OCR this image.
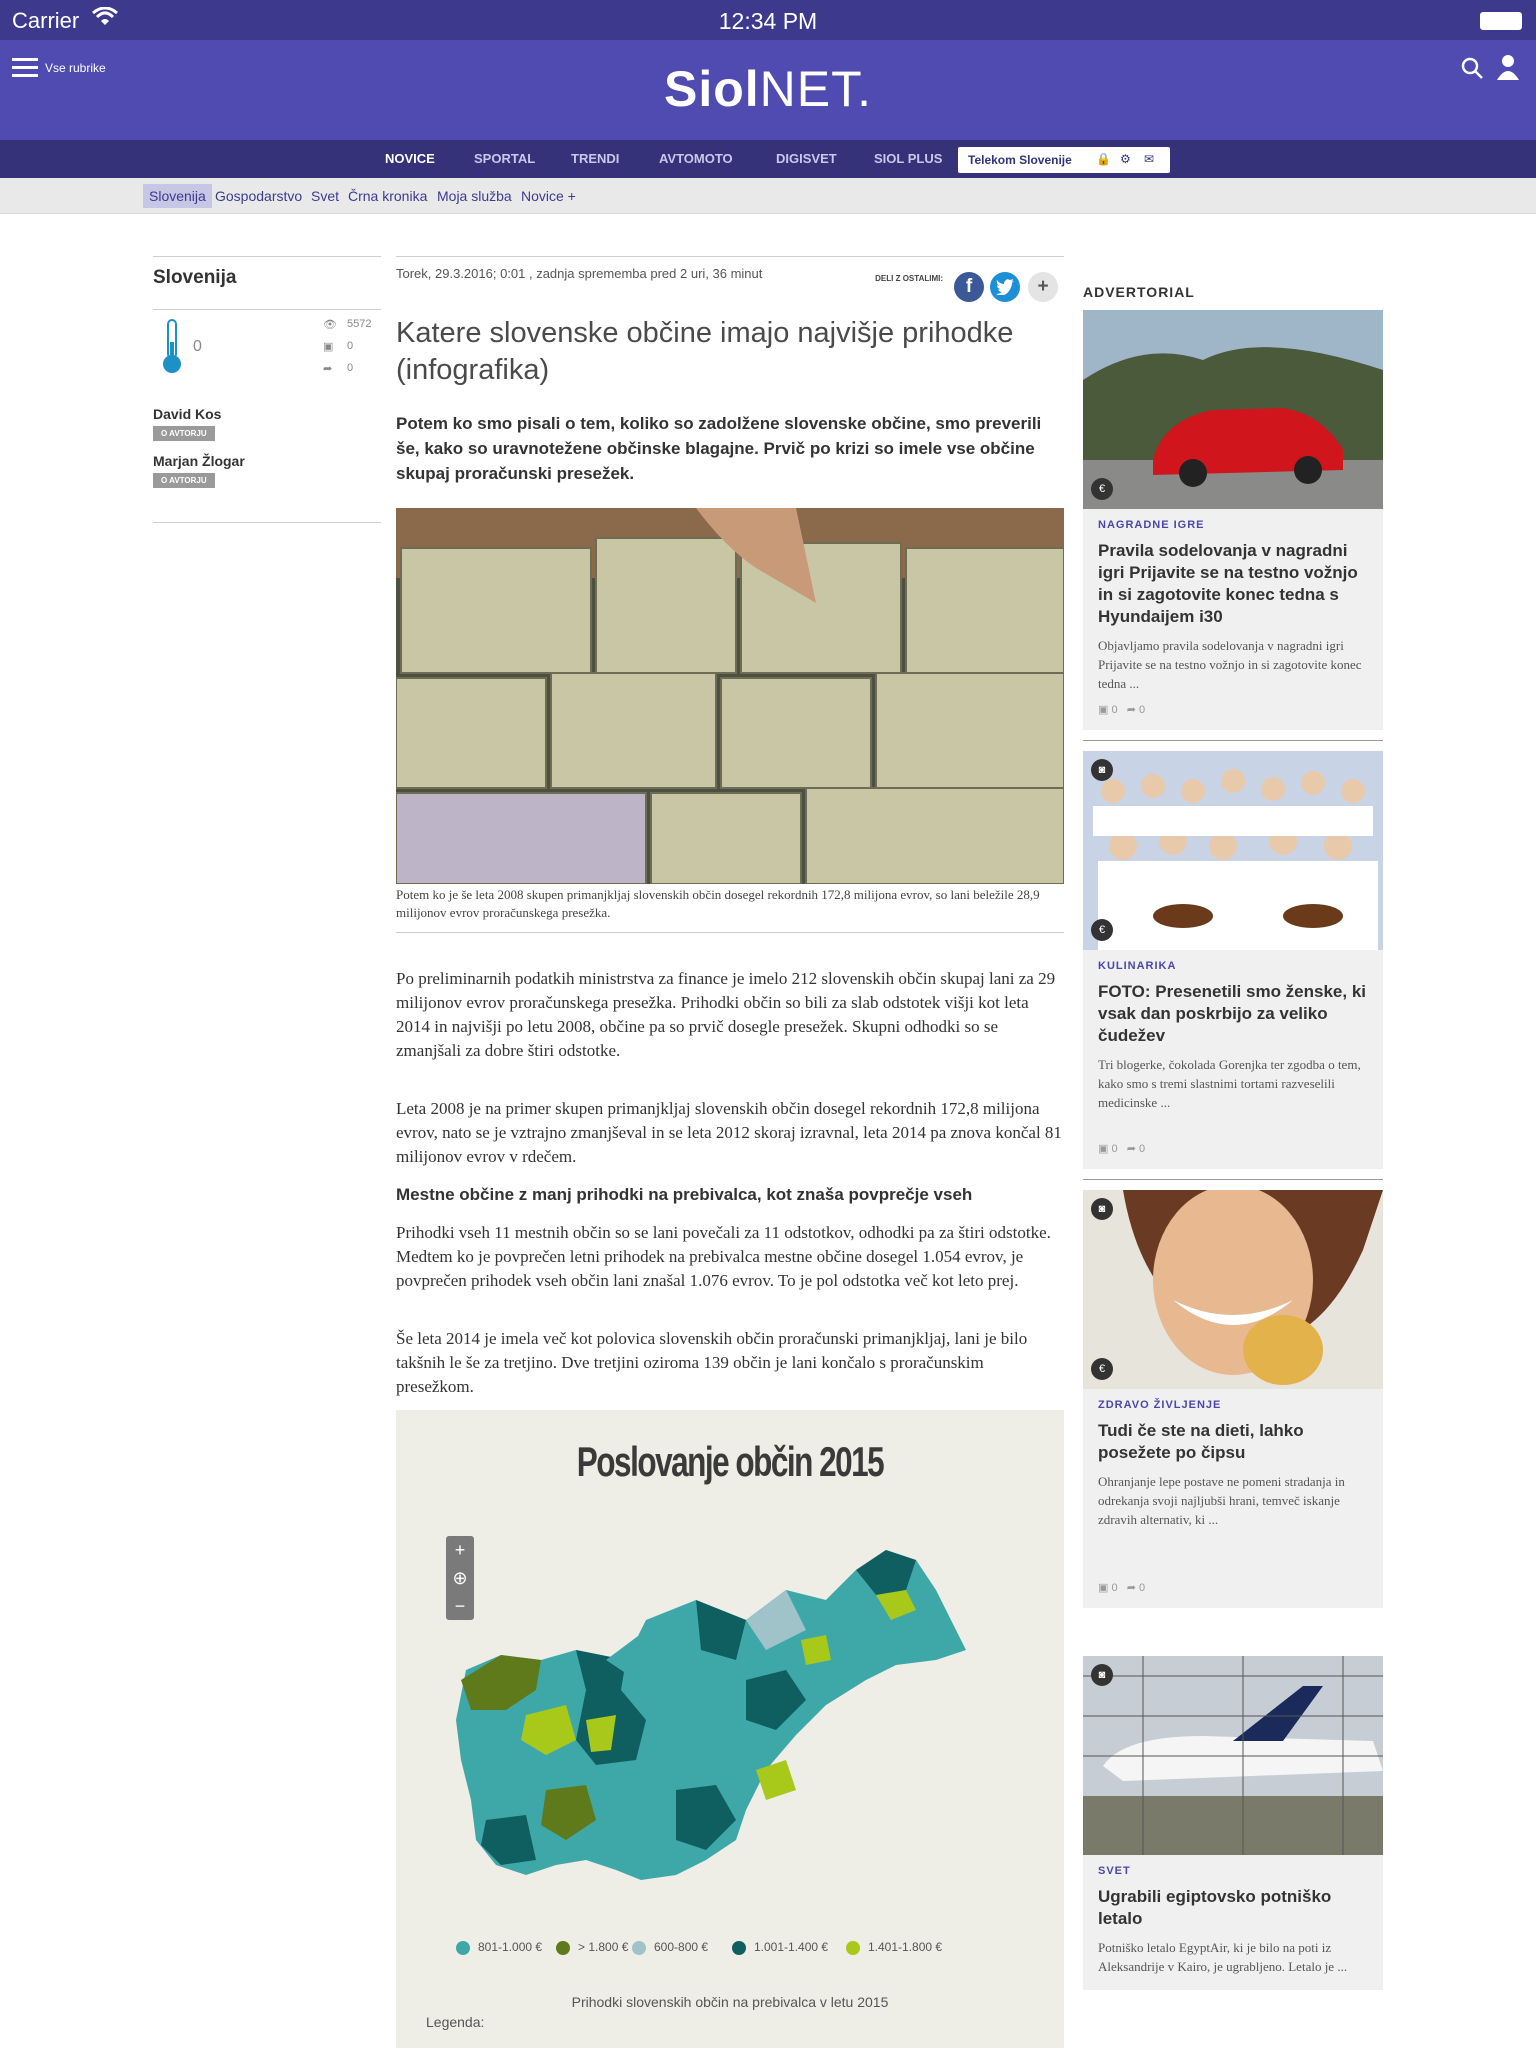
Carrier	12:34 PM
Vse rubrike	SiolNET.
NOVICE	SPORTAL	TRENDI	AVTOMOTO	DIGISVET	SIOL PLUS Telekom Slovenije 🔒 ⚙ ✉
Slovenija Gospodarstvo Svet Črna kronika Moja služba Novice +
Slovenija
0
👁 5572
▣ 0
➦ 0
David Kos
O AVTORJU
Marjan Žlogar
O AVTORJU
Torek, 29.3.2016; 0:01 , zadnja sprememba pred 2 uri, 36 minut	DELI Z OSTALIMI:	f	+
Katere slovenske občine imajo najvišje prihodke (infografika)
Potem ko smo pisali o tem, koliko so zadolžene slovenske občine, smo preverili še, kako so uravnotežene občinske blagajne. Prvič po krizi so imele vse občine skupaj proračunski presežek.
Potem ko je še leta 2008 skupen primanjkljaj slovenskih občin dosegel rekordnih 172,8 milijona evrov, so lani beležile 28,9 milijonov evrov proračunskega presežka.
Po preliminarnih podatkih ministrstva za finance je imelo 212 slovenskih občin skupaj lani za 29 milijonov evrov proračunskega presežka. Prihodki občin so bili za slab odstotek višji kot leta 2014 in najvišji po letu 2008, občine pa so prvič dosegle presežek. Skupni odhodki so se zmanjšali za dobre štiri odstotke.
Leta 2008 je na primer skupen primanjkljaj slovenskih občin dosegel rekordnih 172,8 milijona evrov, nato se je vztrajno zmanjševal in se leta 2012 skoraj izravnal, leta 2014 pa znova končal 81 milijonov evrov v rdečem.
Mestne občine z manj prihodki na prebivalca, kot znaša povprečje vseh
Prihodki vseh 11 mestnih občin so se lani povečali za 11 odstotkov, odhodki pa za štiri odstotke. Medtem ko je povprečen letni prihodek na prebivalca mestne občine dosegel 1.054 evrov, je povprečen prihodek vseh občin lani znašal 1.076 evrov. To je pol odstotka več kot leto prej.
Še leta 2014 je imela več kot polovica slovenskih občin proračunski primanjkljaj, lani je bilo takšnih le še za tretjino. Dve tretjini oziroma 139 občin je lani končalo s proračunskim presežkom.
Poslovanje občin 2015
+
⊕
−
801-1.000 €	> 1.800 €	600-800 €	1.001-1.400 €	1.401-1.800 €
Prihodki slovenskih občin na prebivalca v letu 2015
Legenda:
ADVERTORIAL
€
NAGRADNE IGRE
Pravila sodelovanja v nagradni igri Prijavite se na testno vožnjo in si zagotovite konec tedna s Hyundaijem i30
Objavljamo pravila sodelovanja v nagradni igri Prijavite se na testno vožnjo in si zagotovite konec tedna ...
▣ 0 ➦ 0
◙
€
KULINARIKA
FOTO: Presenetili smo ženske, ki vsak dan poskrbijo za veliko čudežev
Tri blogerke, čokolada Gorenjka ter zgodba o tem, kako smo s tremi slastnimi tortami razveselili medicinske ...
▣ 0 ➦ 0
◙
€
ZDRAVO ŽIVLJENJE
Tudi če ste na dieti, lahko posežete po čipsu
Ohranjanje lepe postave ne pomeni stradanja in odrekanja svoji najljubši hrani, temveč iskanje zdravih alternativ, ki ...
▣ 0 ➦ 0
◙
SVET
Ugrabili egiptovsko potniško letalo
Potniško letalo EgyptAir, ki je bilo na poti iz Aleksandrije v Kairo, je ugrabljeno. Letalo je ...
